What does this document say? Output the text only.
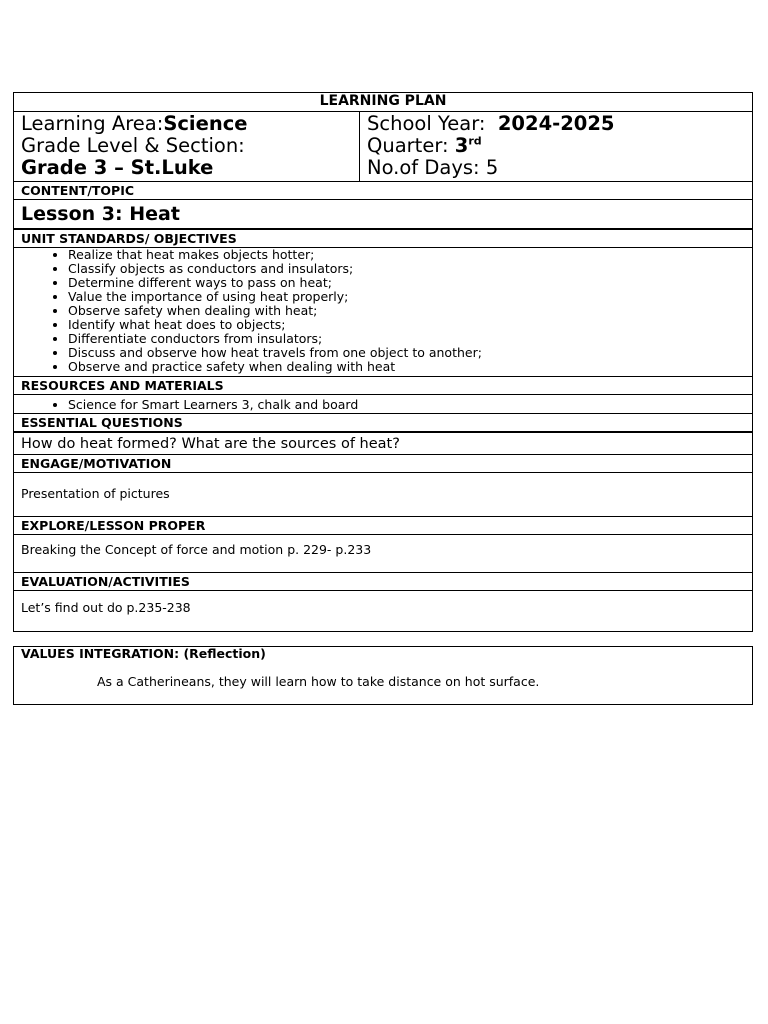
LEARNING PLAN
Learning Area:Science
Grade Level & Section:
Grade 3 – St.Luke
School Year: 2024-2025
Quarter: 3rd
No.of Days: 5
CONTENT/TOPIC
Lesson 3: Heat
UNIT STANDARDS/ OBJECTIVES
• Realize that heat makes objects hotter;
• Classify objects as conductors and insulators;
• Determine different ways to pass on heat;
• Value the importance of using heat properly;
• Observe safety when dealing with heat;
• Identify what heat does to objects;
• Differentiate conductors from insulators;
• Discuss and observe how heat travels from one object to another;
• Observe and practice safety when dealing with heat
RESOURCES AND MATERIALS
• Science for Smart Learners 3, chalk and board
ESSENTIAL QUESTIONS
How do heat formed? What are the sources of heat?
ENGAGE/MOTIVATION
Presentation of pictures
EXPLORE/LESSON PROPER
Breaking the Concept of force and motion p. 229- p.233
EVALUATION/ACTIVITIES
Let’s find out do p.235-238
VALUES INTEGRATION: (Reflection)
As a Catherineans, they will learn how to take distance on hot surface.
